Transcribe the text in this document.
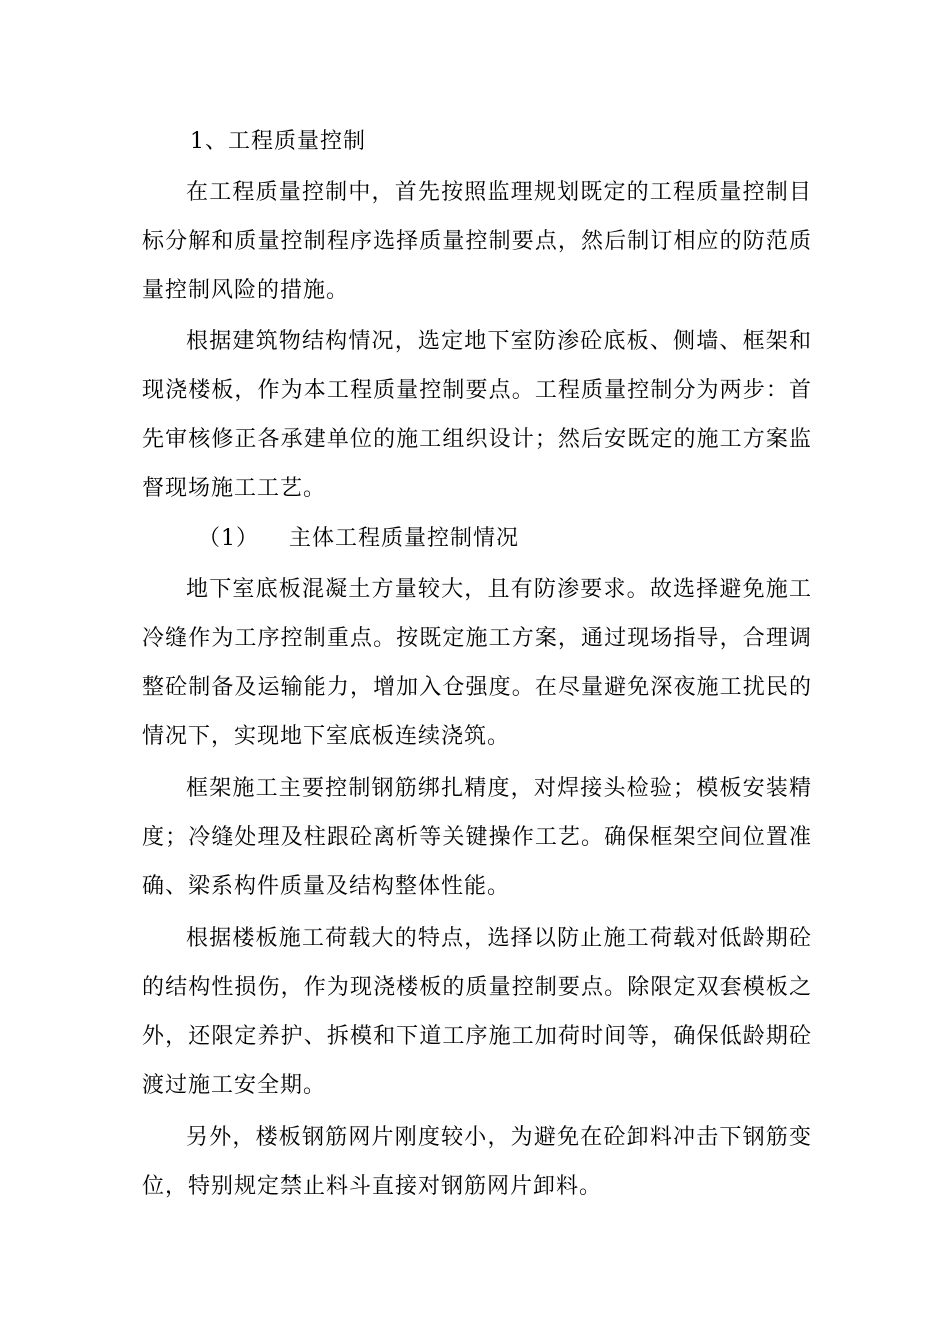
1、工程质量控制

在工程质量控制中，首先按照监理规划既定的工程质量控制目标分解和质量控制程序选择质量控制要点，然后制订相应的防范质量控制风险的措施。

根据建筑物结构情况，选定地下室防渗砼底板、侧墙、框架和现浇楼板，作为本工程质量控制要点。工程质量控制分为两步：首先审核修正各承建单位的施工组织设计；然后安既定的施工方案监督现场施工工艺。

（1） 主体工程质量控制情况

地下室底板混凝土方量较大，且有防渗要求。故选择避免施工冷缝作为工序控制重点。按既定施工方案，通过现场指导，合理调整砼制备及运输能力，增加入仓强度。在尽量避免深夜施工扰民的情况下，实现地下室底板连续浇筑。

框架施工主要控制钢筋绑扎精度，对焊接头检验；模板安装精度；冷缝处理及柱跟砼离析等关键操作工艺。确保框架空间位置准确、梁系构件质量及结构整体性能。

根据楼板施工荷载大的特点，选择以防止施工荷载对低龄期砼的结构性损伤，作为现浇楼板的质量控制要点。除限定双套模板之外，还限定养护、拆模和下道工序施工加荷时间等，确保低龄期砼渡过施工安全期。

另外，楼板钢筋网片刚度较小，为避免在砼卸料冲击下钢筋变位，特别规定禁止料斗直接对钢筋网片卸料。
